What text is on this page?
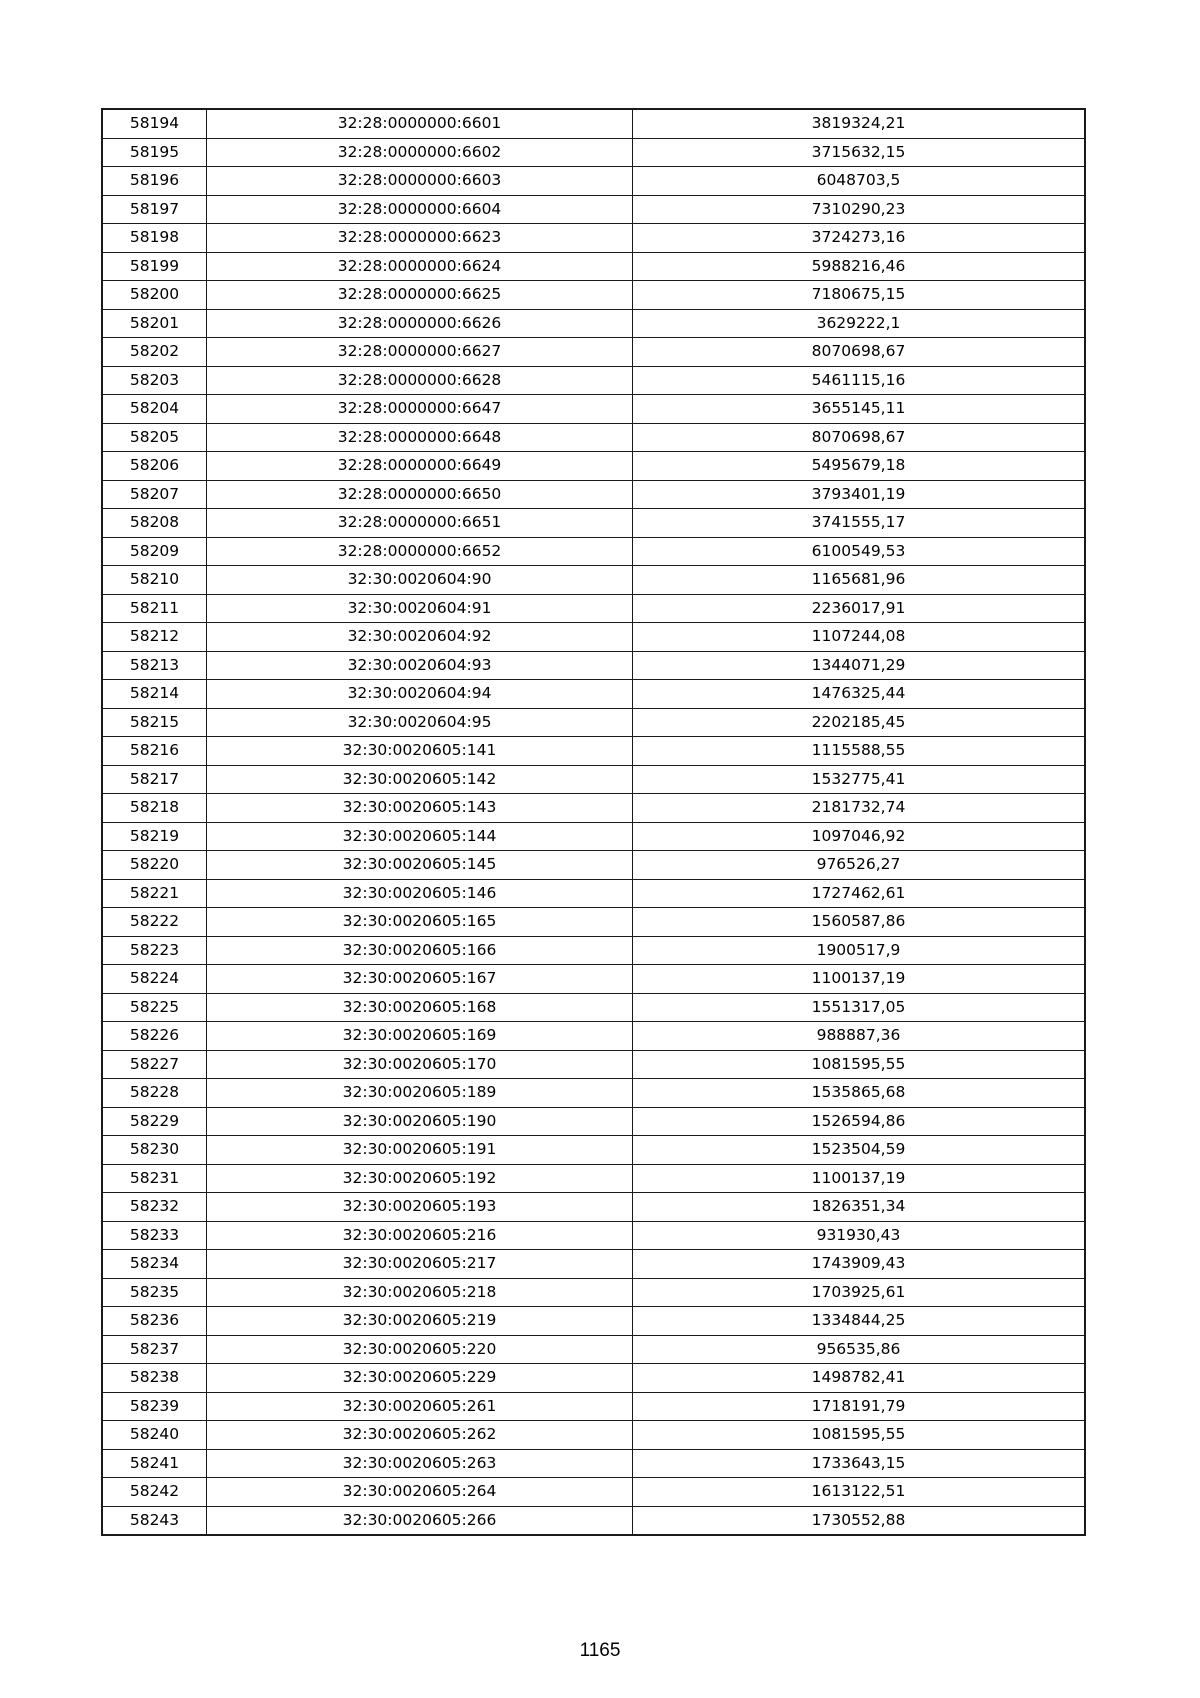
58194	32:28:0000000:6601	3819324,21
58195	32:28:0000000:6602	3715632,15
58196	32:28:0000000:6603	6048703,5
58197	32:28:0000000:6604	7310290,23
58198	32:28:0000000:6623	3724273,16
58199	32:28:0000000:6624	5988216,46
58200	32:28:0000000:6625	7180675,15
58201	32:28:0000000:6626	3629222,1
58202	32:28:0000000:6627	8070698,67
58203	32:28:0000000:6628	5461115,16
58204	32:28:0000000:6647	3655145,11
58205	32:28:0000000:6648	8070698,67
58206	32:28:0000000:6649	5495679,18
58207	32:28:0000000:6650	3793401,19
58208	32:28:0000000:6651	3741555,17
58209	32:28:0000000:6652	6100549,53
58210	32:30:0020604:90	1165681,96
58211	32:30:0020604:91	2236017,91
58212	32:30:0020604:92	1107244,08
58213	32:30:0020604:93	1344071,29
58214	32:30:0020604:94	1476325,44
58215	32:30:0020604:95	2202185,45
58216	32:30:0020605:141	1115588,55
58217	32:30:0020605:142	1532775,41
58218	32:30:0020605:143	2181732,74
58219	32:30:0020605:144	1097046,92
58220	32:30:0020605:145	976526,27
58221	32:30:0020605:146	1727462,61
58222	32:30:0020605:165	1560587,86
58223	32:30:0020605:166	1900517,9
58224	32:30:0020605:167	1100137,19
58225	32:30:0020605:168	1551317,05
58226	32:30:0020605:169	988887,36
58227	32:30:0020605:170	1081595,55
58228	32:30:0020605:189	1535865,68
58229	32:30:0020605:190	1526594,86
58230	32:30:0020605:191	1523504,59
58231	32:30:0020605:192	1100137,19
58232	32:30:0020605:193	1826351,34
58233	32:30:0020605:216	931930,43
58234	32:30:0020605:217	1743909,43
58235	32:30:0020605:218	1703925,61
58236	32:30:0020605:219	1334844,25
58237	32:30:0020605:220	956535,86
58238	32:30:0020605:229	1498782,41
58239	32:30:0020605:261	1718191,79
58240	32:30:0020605:262	1081595,55
58241	32:30:0020605:263	1733643,15
58242	32:30:0020605:264	1613122,51
58243	32:30:0020605:266	1730552,88
1165
